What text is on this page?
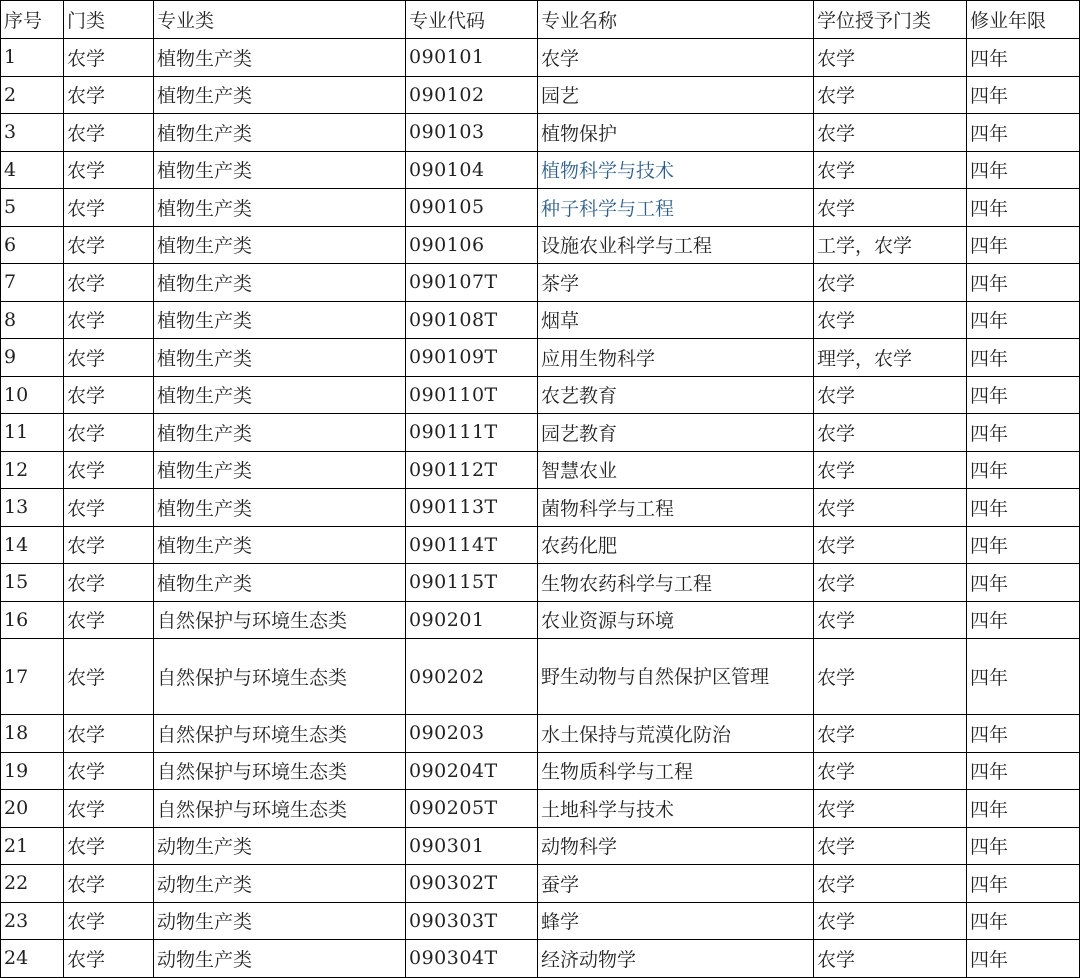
序号	门类	专业类	专业代码	专业名称	学位授予门类	修业年限
1	农学	植物生产类	090101	农学	农学	四年
2	农学	植物生产类	090102	园艺	农学	四年
3	农学	植物生产类	090103	植物保护	农学	四年
4	农学	植物生产类	090104	植物科学与技术	农学	四年
5	农学	植物生产类	090105	种子科学与工程	农学	四年
6	农学	植物生产类	090106	设施农业科学与工程	工学，农学	四年
7	农学	植物生产类	090107T	茶学	农学	四年
8	农学	植物生产类	090108T	烟草	农学	四年
9	农学	植物生产类	090109T	应用生物科学	理学，农学	四年
10	农学	植物生产类	090110T	农艺教育	农学	四年
11	农学	植物生产类	090111T	园艺教育	农学	四年
12	农学	植物生产类	090112T	智慧农业	农学	四年
13	农学	植物生产类	090113T	菌物科学与工程	农学	四年
14	农学	植物生产类	090114T	农药化肥	农学	四年
15	农学	植物生产类	090115T	生物农药科学与工程	农学	四年
16	农学	自然保护与环境生态类	090201	农业资源与环境	农学	四年
17	农学	自然保护与环境生态类	090202	野生动物与自然保护区管理	农学	四年
18	农学	自然保护与环境生态类	090203	水土保持与荒漠化防治	农学	四年
19	农学	自然保护与环境生态类	090204T	生物质科学与工程	农学	四年
20	农学	自然保护与环境生态类	090205T	土地科学与技术	农学	四年
21	农学	动物生产类	090301	动物科学	农学	四年
22	农学	动物生产类	090302T	蚕学	农学	四年
23	农学	动物生产类	090303T	蜂学	农学	四年
24	农学	动物生产类	090304T	经济动物学	农学	四年
